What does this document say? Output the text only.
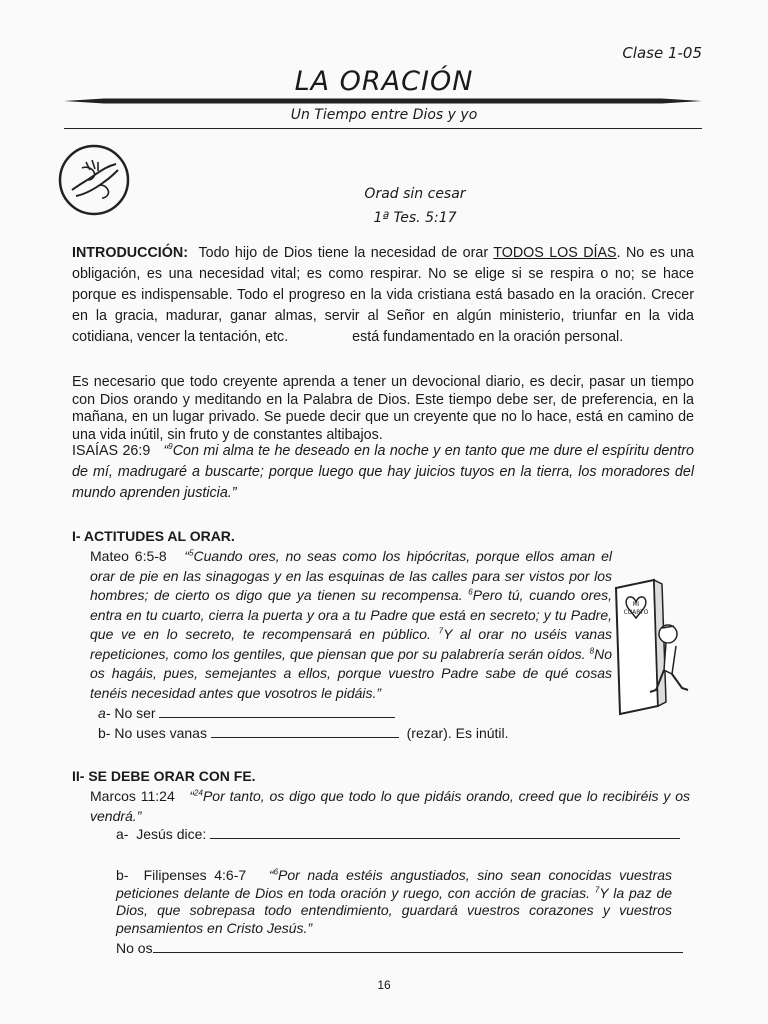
Clase 1-05
LA ORACIÓN
Un Tiempo entre Dios y yo
Orad sin cesar
1ª Tes. 5:17
INTRODUCCIÓN: Todo hijo de Dios tiene la necesidad de orar TODOS LOS DÍAS. No es una obligación, es una necesidad vital; es como respirar. No se elige si se respira o no; se hace porque es indispensable. Todo el progreso en la vida cristiana está basado en la oración. Crecer en la gracia, madurar, ganar almas, servir al Señor en algún ministerio, triunfar en la vida cotidiana, vencer la tentación, etc.	está fundamentado en la oración personal.
Es necesario que todo creyente aprenda a tener un devocional diario, es decir, pasar un tiempo con Dios orando y meditando en la Palabra de Dios. Este tiempo debe ser, de preferencia, en la mañana, en un lugar privado. Se puede decir que un creyente que no lo hace, está en camino de una vida inútil, sin fruto y de constantes altibajos.
ISAÍAS 26:9 “$^9$Con mi alma te he deseado en la noche y en tanto que me dure el espíritu dentro de mí, madrugaré a buscarte; porque luego que hay juicios tuyos en la tierra, los moradores del mundo aprenden justicia.”
I- ACTITUDES AL ORAR.
Mateo 6:5-8 “$^5$Cuando ores, no seas como los hipócritas, porque ellos aman el orar de pie en las sinagogas y en las esquinas de las calles para ser vistos por los hombres; de cierto os digo que ya tienen su recompensa. $^6$Pero tú, cuando ores, entra en tu cuarto, cierra la puerta y ora a tu Padre que está en secreto; y tu Padre, que ve en lo secreto, te recompensará en público. $^7$Y al orar no uséis vanas repeticiones, como los gentiles, que piensan que por su palabrería serán oídos. $^8$No os hagáis, pues, semejantes a ellos, porque vuestro Padre sabe de qué cosas tenéis necesidad antes que vosotros le pidáis.”
Mi
CUARTO
a- No ser
b- No uses vanas	(rezar). Es inútil.
II- SE DEBE ORAR CON FE.
Marcos 11:24 “$^{24}$Por tanto, os digo que todo lo que pidáis orando, creed que lo recibiréis y os vendrá.”
a- Jesús dice:
b- Filipenses 4:6-7 “$^6$Por nada estéis angustiados, sino sean conocidas vuestras peticiones delante de Dios en toda oración y ruego, con acción de gracias. $^7$Y la paz de Dios, que sobrepasa todo entendimiento, guardará vuestros corazones y vuestros pensamientos en Cristo Jesús.”
No os
16
